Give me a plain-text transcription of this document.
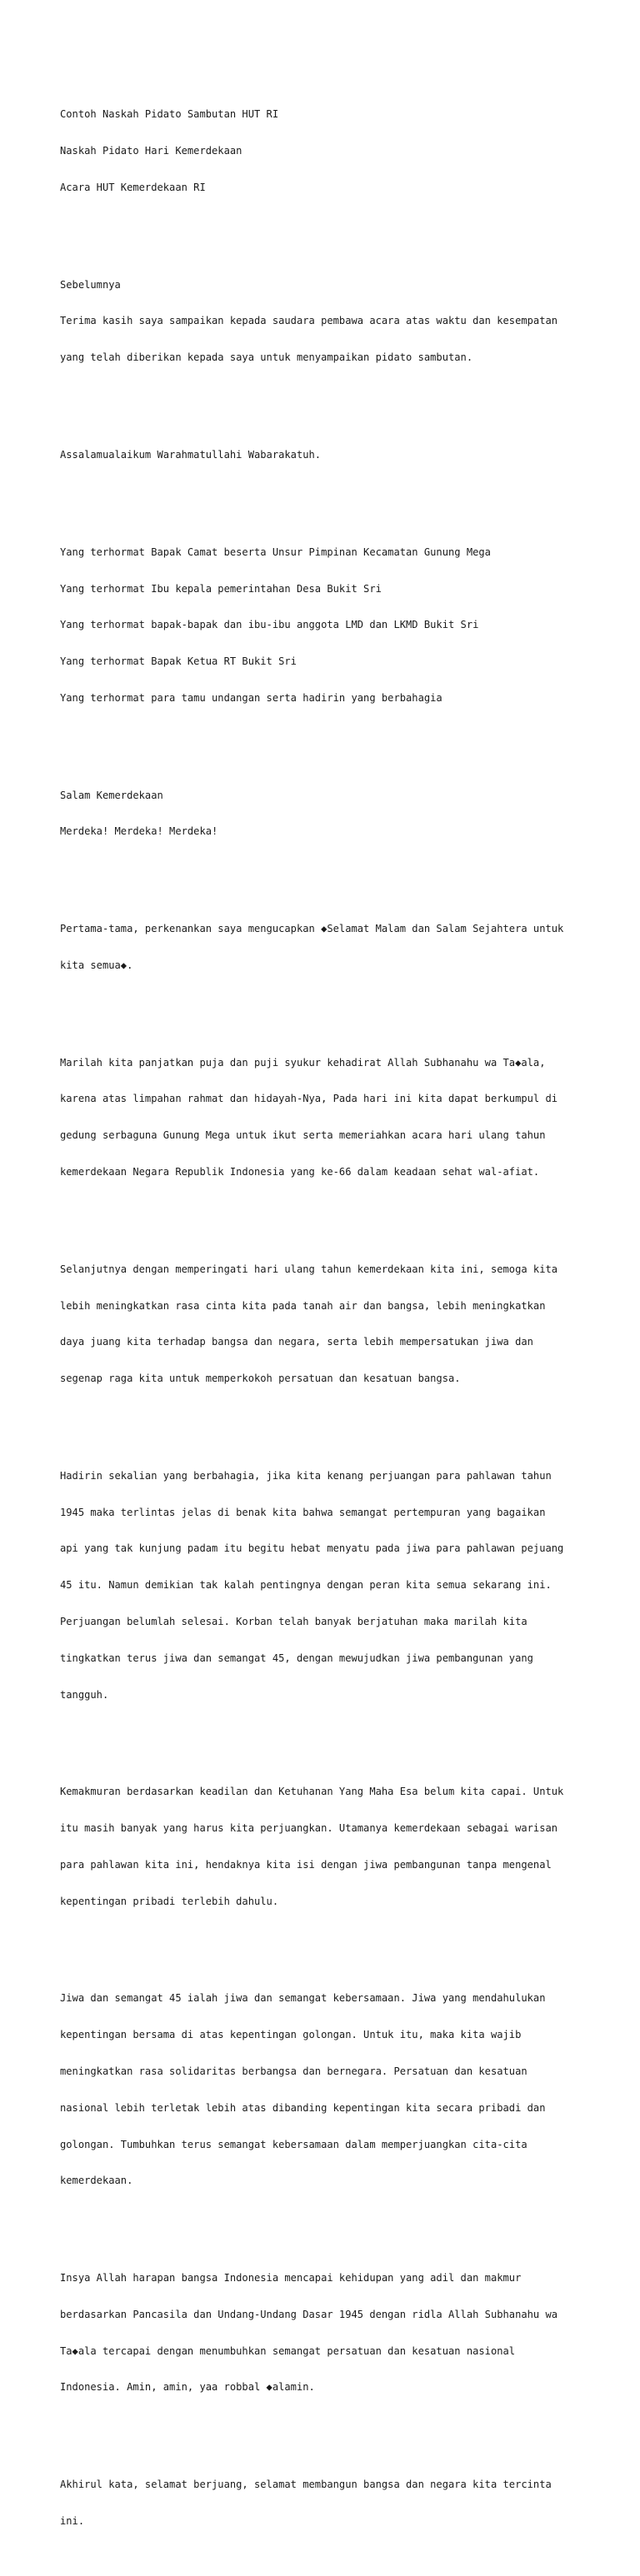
Contoh Naskah Pidato Sambutan HUT RI

Naskah Pidato Hari Kemerdekaan

Acara HUT Kemerdekaan RI

Sebelumnya

Terima kasih saya sampaikan kepada saudara pembawa acara atas waktu dan kesempatan

yang telah diberikan kepada saya untuk menyampaikan pidato sambutan.

Assalamualaikum Warahmatullahi Wabarakatuh.

Yang terhormat Bapak Camat beserta Unsur Pimpinan Kecamatan Gunung Mega

Yang terhormat Ibu kepala pemerintahan Desa Bukit Sri

Yang terhormat bapak-bapak dan ibu-ibu anggota LMD dan LKMD Bukit Sri

Yang terhormat Bapak Ketua RT Bukit Sri

Yang terhormat para tamu undangan serta hadirin yang berbahagia

Salam Kemerdekaan

Merdeka! Merdeka! Merdeka!

Pertama-tama, perkenankan saya mengucapkan ◆Selamat Malam dan Salam Sejahtera untuk

kita semua◆.

Marilah kita panjatkan puja dan puji syukur kehadirat Allah Subhanahu wa Ta◆ala,

karena atas limpahan rahmat dan hidayah-Nya, Pada hari ini kita dapat berkumpul di

gedung serbaguna Gunung Mega untuk ikut serta memeriahkan acara hari ulang tahun

kemerdekaan Negara Republik Indonesia yang ke-66 dalam keadaan sehat wal-afiat.

Selanjutnya dengan memperingati hari ulang tahun kemerdekaan kita ini, semoga kita

lebih meningkatkan rasa cinta kita pada tanah air dan bangsa, lebih meningkatkan

daya juang kita terhadap bangsa dan negara, serta lebih mempersatukan jiwa dan

segenap raga kita untuk memperkokoh persatuan dan kesatuan bangsa.

Hadirin sekalian yang berbahagia, jika kita kenang perjuangan para pahlawan tahun

1945 maka terlintas jelas di benak kita bahwa semangat pertempuran yang bagaikan

api yang tak kunjung padam itu begitu hebat menyatu pada jiwa para pahlawan pejuang

45 itu. Namun demikian tak kalah pentingnya dengan peran kita semua sekarang ini.

Perjuangan belumlah selesai. Korban telah banyak berjatuhan maka marilah kita

tingkatkan terus jiwa dan semangat 45, dengan mewujudkan jiwa pembangunan yang

tangguh.

Kemakmuran berdasarkan keadilan dan Ketuhanan Yang Maha Esa belum kita capai. Untuk

itu masih banyak yang harus kita perjuangkan. Utamanya kemerdekaan sebagai warisan

para pahlawan kita ini, hendaknya kita isi dengan jiwa pembangunan tanpa mengenal

kepentingan pribadi terlebih dahulu.

Jiwa dan semangat 45 ialah jiwa dan semangat kebersamaan. Jiwa yang mendahulukan

kepentingan bersama di atas kepentingan golongan. Untuk itu, maka kita wajib

meningkatkan rasa solidaritas berbangsa dan bernegara. Persatuan dan kesatuan

nasional lebih terletak lebih atas dibanding kepentingan kita secara pribadi dan

golongan. Tumbuhkan terus semangat kebersamaan dalam memperjuangkan cita-cita

kemerdekaan.

Insya Allah harapan bangsa Indonesia mencapai kehidupan yang adil dan makmur

berdasarkan Pancasila dan Undang-Undang Dasar 1945 dengan ridla Allah Subhanahu wa

Ta◆ala tercapai dengan menumbuhkan semangat persatuan dan kesatuan nasional

Indonesia. Amin, amin, yaa robbal ◆alamin.

Akhirul kata, selamat berjuang, selamat membangun bangsa dan negara kita tercinta

ini.
